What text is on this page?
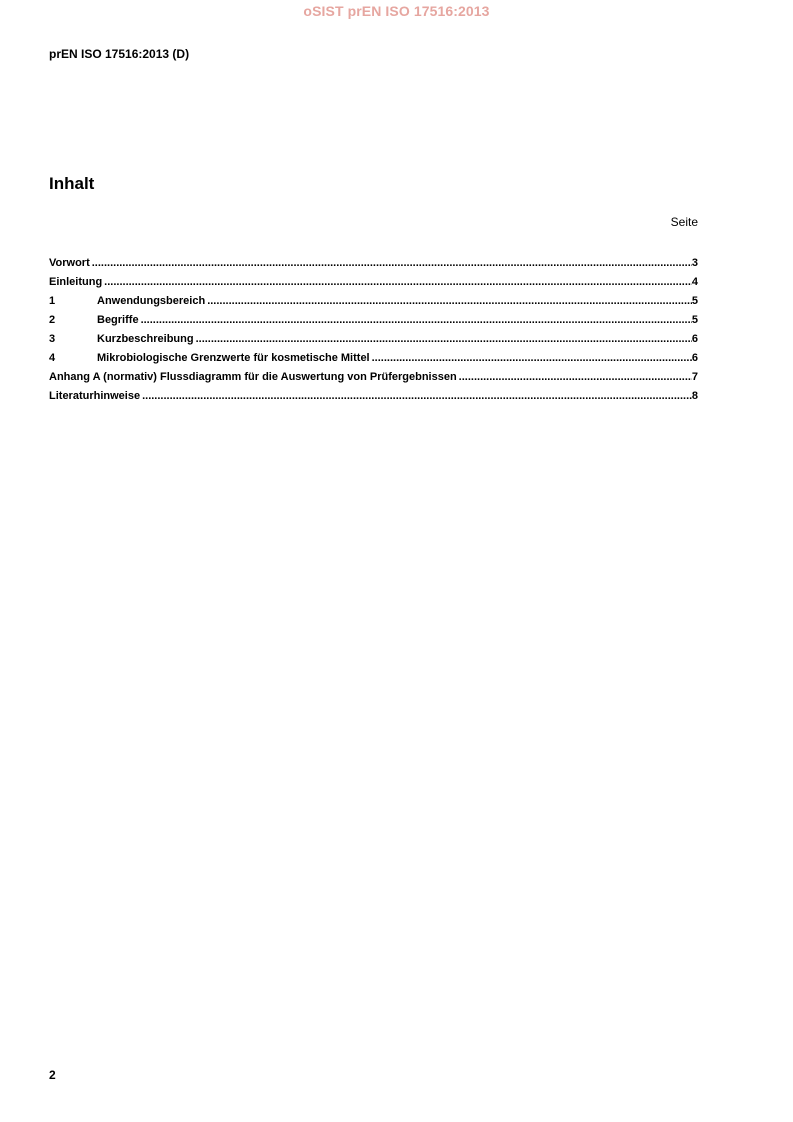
oSIST prEN ISO 17516:2013
prEN ISO 17516:2013 (D)
Inhalt
Seite
Vorwort .....	3
Einleitung .....	4
1	Anwendungsbereich .....	5
2	Begriffe .....	5
3	Kurzbeschreibung .....	6
4	Mikrobiologische Grenzwerte für kosmetische Mittel .....	6
Anhang A (normativ) Flussdiagramm für die Auswertung von Prüfergebnissen .....	7
Literaturhinweise .....	8
2
